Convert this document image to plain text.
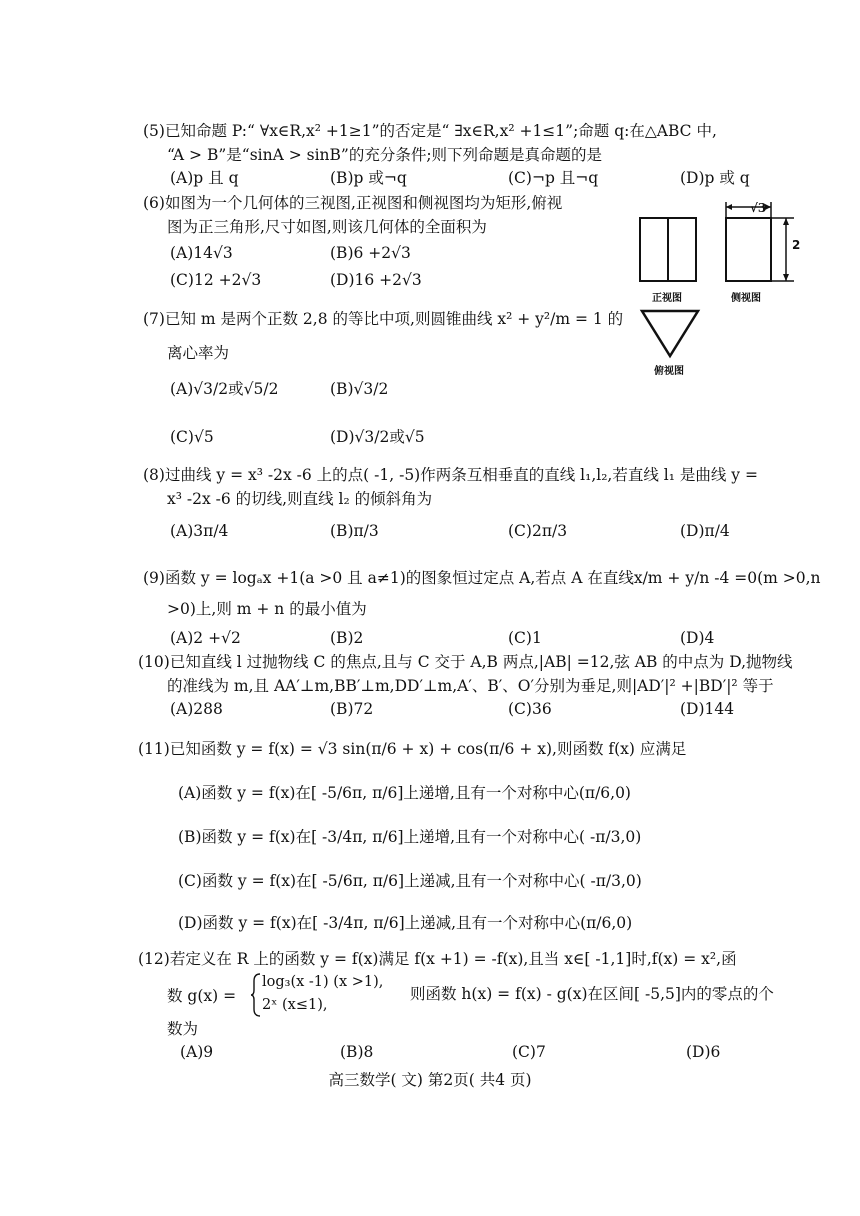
(5)已知命题 P:“ ∀x∈R,x² +1≥1”的否定是“ ∃x∈R,x² +1≤1”;命题 q:在△ABC 中,
“A > B”是“sinA > sinB”的充分条件;则下列命题是真命题的是
(A)p 且 q	(B)p 或¬q	(C)¬p 且¬q	(D)p 或 q
(6)如图为一个几何体的三视图,正视图和侧视图均为矩形,俯视
图为正三角形,尺寸如图,则该几何体的全面积为
(A)14√3	(B)6 +2√3
(C)12 +2√3	(D)16 +2√3
√3
2
正视图	侧视图
俯视图
(7)已知 m 是两个正数 2,8 的等比中项,则圆锥曲线 x² + y²/m = 1 的
离心率为
(A)√3/2或√5/2	(B)√3/2
(C)√5	(D)√3/2或√5
(8)过曲线 y = x³ -2x -6 上的点( -1, -5)作两条互相垂直的直线 l₁,l₂,若直线 l₁ 是曲线 y =
x³ -2x -6 的切线,则直线 l₂ 的倾斜角为
(A)3π/4	(B)π/3	(C)2π/3	(D)π/4
(9)函数 y = logₐx +1(a >0 且 a≠1)的图象恒过定点 A,若点 A 在直线x/m + y/n -4 =0(m >0,n
>0)上,则 m + n 的最小值为
(A)2 +√2	(B)2	(C)1	(D)4
(10)已知直线 l 过抛物线 C 的焦点,且与 C 交于 A,B 两点,|AB| =12,弦 AB 的中点为 D,抛物线
的准线为 m,且 AA′⊥m,BB′⊥m,DD′⊥m,A′、B′、O′分别为垂足,则|AD′|² +|BD′|² 等于
(A)288	(B)72	(C)36	(D)144
(11)已知函数 y = f(x) = √3 sin(π/6 + x) + cos(π/6 + x),则函数 f(x) 应满足
(A)函数 y = f(x)在[ -5/6π, π/6]上递增,且有一个对称中心(π/6,0)
(B)函数 y = f(x)在[ -3/4π, π/6]上递增,且有一个对称中心( -π/3,0)
(C)函数 y = f(x)在[ -5/6π, π/6]上递减,且有一个对称中心( -π/3,0)
(D)函数 y = f(x)在[ -3/4π, π/6]上递减,且有一个对称中心(π/6,0)
(12)若定义在 R 上的函数 y = f(x)满足 f(x +1) = -f(x),且当 x∈[ -1,1]时,f(x) = x²,函
数 g(x) =
log₃(x -1) (x >1),
2ˣ (x≤1),
则函数 h(x) = f(x) - g(x)在区间[ -5,5]内的零点的个
数为
(A)9	(B)8	(C)7	(D)6
高三数学( 文) 第2页( 共4 页)
